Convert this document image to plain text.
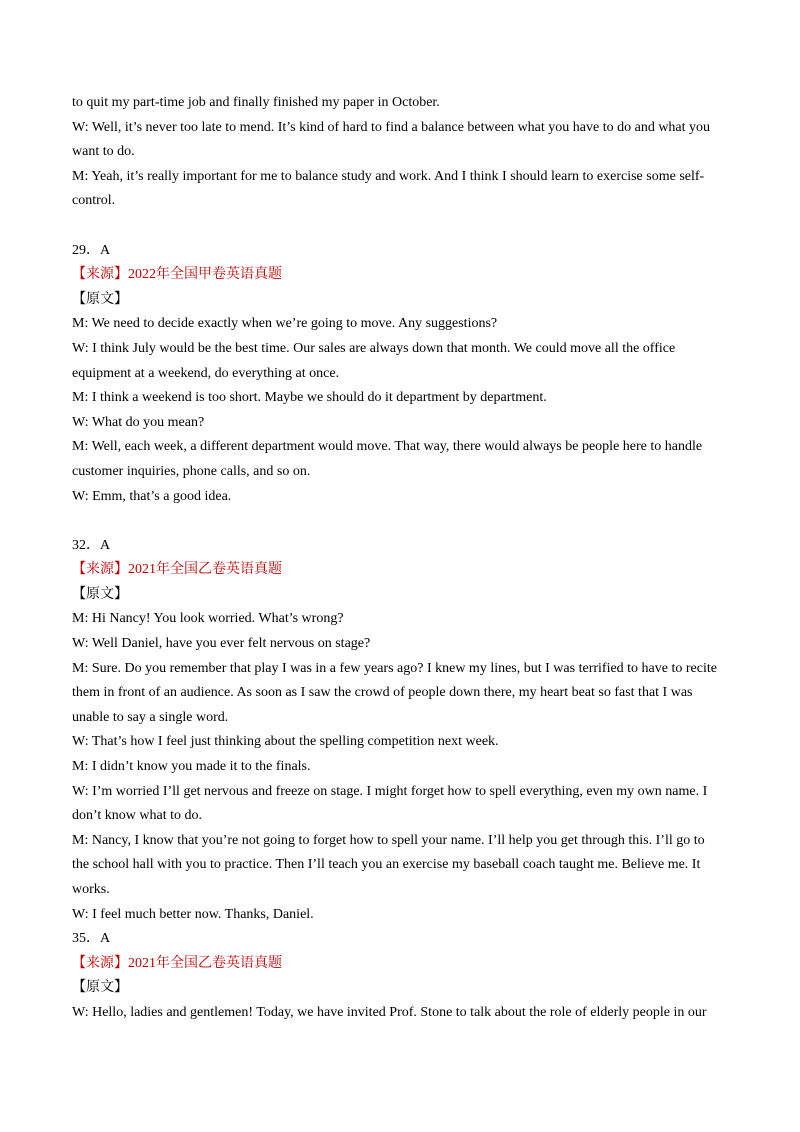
to quit my part-time job and finally finished my paper in October.
W: Well, it’s never too late to mend. It’s kind of hard to find a balance between what you have to do and what you
want to do.
M: Yeah, it’s really important for me to balance study and work. And I think I should learn to exercise some self-
control.
29．A
【来源】2022年全国甲卷英语真题
【原文】
M: We need to decide exactly when we’re going to move. Any suggestions?
W: I think July would be the best time. Our sales are always down that month. We could move all the office
equipment at a weekend, do everything at once.
M: I think a weekend is too short. Maybe we should do it department by department.
W: What do you mean?
M: Well, each week, a different department would move. That way, there would always be people here to handle
customer inquiries, phone calls, and so on.
W: Emm, that’s a good idea.
32．A
【来源】2021年全国乙卷英语真题
【原文】
M: Hi Nancy! You look worried. What’s wrong?
W: Well Daniel, have you ever felt nervous on stage?
M: Sure. Do you remember that play I was in a few years ago? I knew my lines, but I was terrified to have to recite
them in front of an audience. As soon as I saw the crowd of people down there, my heart beat so fast that I was
unable to say a single word.
W: That’s how I feel just thinking about the spelling competition next week.
M: I didn’t know you made it to the finals.
W: I’m worried I’ll get nervous and freeze on stage. I might forget how to spell everything, even my own name. I
don’t know what to do.
M: Nancy, I know that you’re not going to forget how to spell your name. I’ll help you get through this. I’ll go to
the school hall with you to practice. Then I’ll teach you an exercise my baseball coach taught me. Believe me. It
works.
W: I feel much better now. Thanks, Daniel.
35．A
【来源】2021年全国乙卷英语真题
【原文】
W: Hello, ladies and gentlemen! Today, we have invited Prof. Stone to talk about the role of elderly people in our
